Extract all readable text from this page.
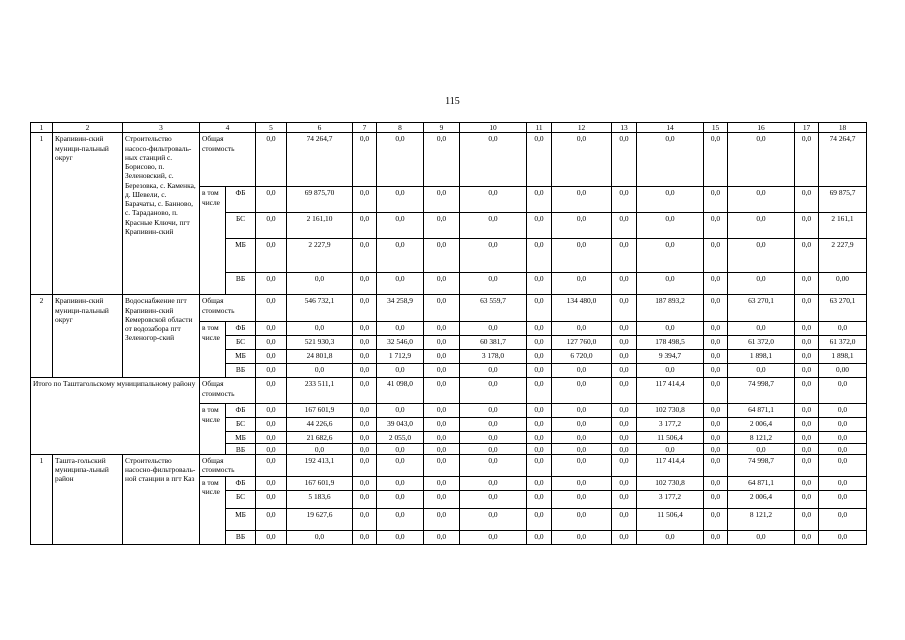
115
1	2	3	4		5	6	7	8	9	10	11	12	13	14	15	16	17	18
1	Крапивин-ский муници-пальный округ	Строительство насосо-фильтроваль-ных станций с. Борисово, п. Зеленовский, с. Березовка, с. Каменка, д. Шевели, с. Барачаты, с. Банново, с. Тараданово, п. Красные Ключи, пгт Крапивин-ский	Общая стоимость		0,0	74 264,7	0,0	0,0	0,0	0,0	0,0	0,0	0,0	0,0	0,0	0,0	0,0	74 264,7
			в том числе	ФБ	0,0	69 875,70	0,0	0,0	0,0	0,0	0,0	0,0	0,0	0,0	0,0	0,0	0,0	69 875,7
				БС	0,0	2 161,10	0,0	0,0	0,0	0,0	0,0	0,0	0,0	0,0	0,0	0,0	0,0	2 161,1
				МБ	0,0	2 227,9	0,0	0,0	0,0	0,0	0,0	0,0	0,0	0,0	0,0	0,0	0,0	2 227,9
				ВБ	0,0	0,0	0,0	0,0	0,0	0,0	0,0	0,0	0,0	0,0	0,0	0,0	0,0	0,00
2	Крапивин-ский муници-пальный округ	Водоснабжение пгт Крапивин-ский Кемеровской области от водозабора пгт Зеленогор-ский	Общая стоимость		0,0	546 732,1	0,0	34 258,9	0,0	63 559,7	0,0	134 480,0	0,0	187 893,2	0,0	63 270,1	0,0	63 270,1
			в том числе	ФБ	0,0	0,0	0,0	0,0	0,0	0,0	0,0	0,0	0,0	0,0	0,0	0,0	0,0	0,0
				БС	0,0	521 930,3	0,0	32 546,0	0,0	60 381,7	0,0	127 760,0	0,0	178 498,5	0,0	61 372,0	0,0	61 372,0
				МБ	0,0	24 801,8	0,0	1 712,9	0,0	3 178,0	0,0	6 720,0	0,0	9 394,7	0,0	1 898,1	0,0	1 898,1
				ВБ	0,0	0,0	0,0	0,0	0,0	0,0	0,0	0,0	0,0	0,0	0,0	0,0	0,0	0,00
Итого по Таштагольскому муниципальному району			Общая стоимость		0,0	233 511,1	0,0	41 098,0	0,0	0,0	0,0	0,0	0,0	117 414,4	0,0	74 998,7	0,0	0,0
			в том числе	ФБ	0,0	167 601,9	0,0	0,0	0,0	0,0	0,0	0,0	0,0	102 730,8	0,0	64 871,1	0,0	0,0
				БС	0,0	44 226,6	0,0	39 043,0	0,0	0,0	0,0	0,0	0,0	3 177,2	0,0	2 006,4	0,0	0,0
				МБ	0,0	21 682,6	0,0	2 055,0	0,0	0,0	0,0	0,0	0,0	11 506,4	0,0	8 121,2	0,0	0,0
				ВБ	0,0	0,0	0,0	0,0	0,0	0,0	0,0	0,0	0,0	0,0	0,0	0,0	0,0	0,0
1	Ташта-гольский муниципа-льный район	Строительство насосно-фильтроваль-ной станции в пгт Каз	Общая стоимость		0,0	192 413,1	0,0	0,0	0,0	0,0	0,0	0,0	0,0	117 414,4	0,0	74 998,7	0,0	0,0
			в том числе	ФБ	0,0	167 601,9	0,0	0,0	0,0	0,0	0,0	0,0	0,0	102 730,8	0,0	64 871,1	0,0	0,0
				БС	0,0	5 183,6	0,0	0,0	0,0	0,0	0,0	0,0	0,0	3 177,2	0,0	2 006,4	0,0	0,0
				МБ	0,0	19 627,6	0,0	0,0	0,0	0,0	0,0	0,0	0,0	11 506,4	0,0	8 121,2	0,0	0,0
				ВБ	0,0	0,0	0,0	0,0	0,0	0,0	0,0	0,0	0,0	0,0	0,0	0,0	0,0	0,0
